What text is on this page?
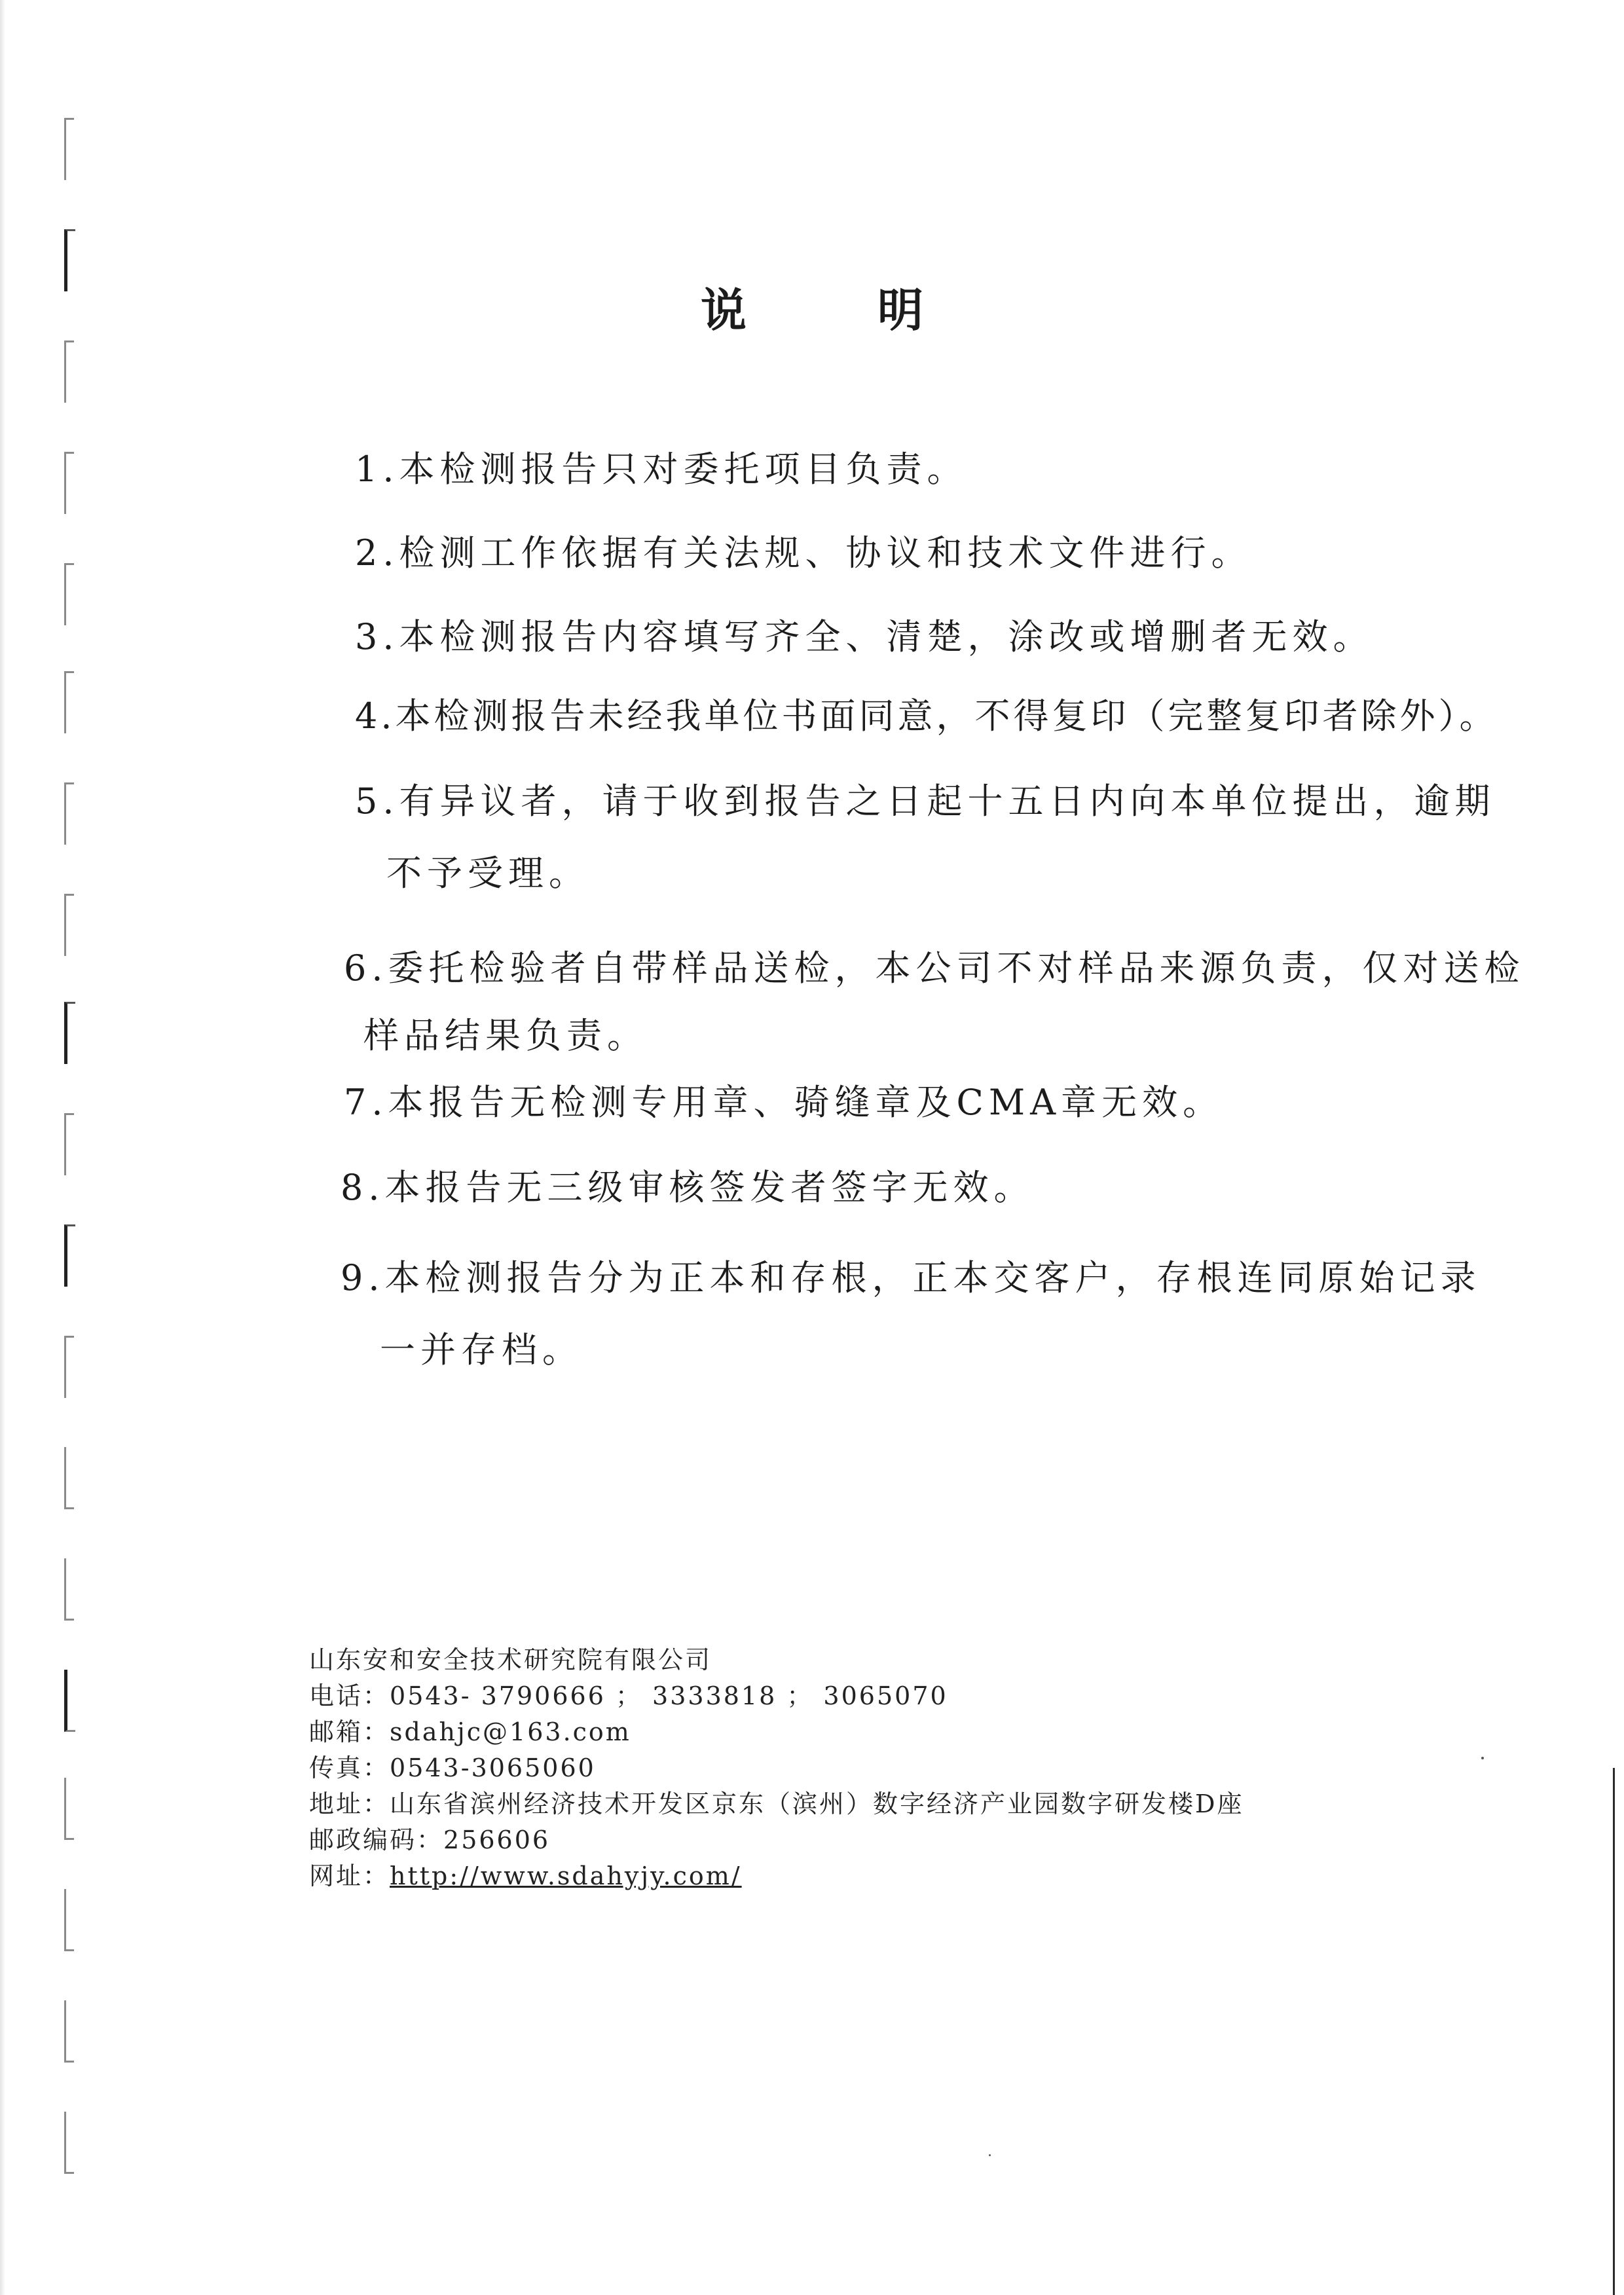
说	明
1.本检测报告只对委托项目负责。
2.检测工作依据有关法规、协议和技术文件进行。
3.本检测报告内容填写齐全、清楚，涂改或增删者无效。
4.本检测报告未经我单位书面同意，不得复印（完整复印者除外）。
5.有异议者，请于收到报告之日起十五日内向本单位提出，逾期
不予受理。
6.委托检验者自带样品送检，本公司不对样品来源负责，仅对送检
样品结果负责。
7.本报告无检测专用章、骑缝章及CMA章无效。
8.本报告无三级审核签发者签字无效。
9.本检测报告分为正本和存根，正本交客户，存根连同原始记录
一并存档。
山东安和安全技术研究院有限公司
电话：0543- 3790666 ； 3333818 ； 3065070
邮箱：sdahjc@163.com
传真：0543-3065060
地址：山东省滨州经济技术开发区京东（滨州）数字经济产业园数字研发楼D座
邮政编码：256606
网址：http://www.sdahyjy.com/
